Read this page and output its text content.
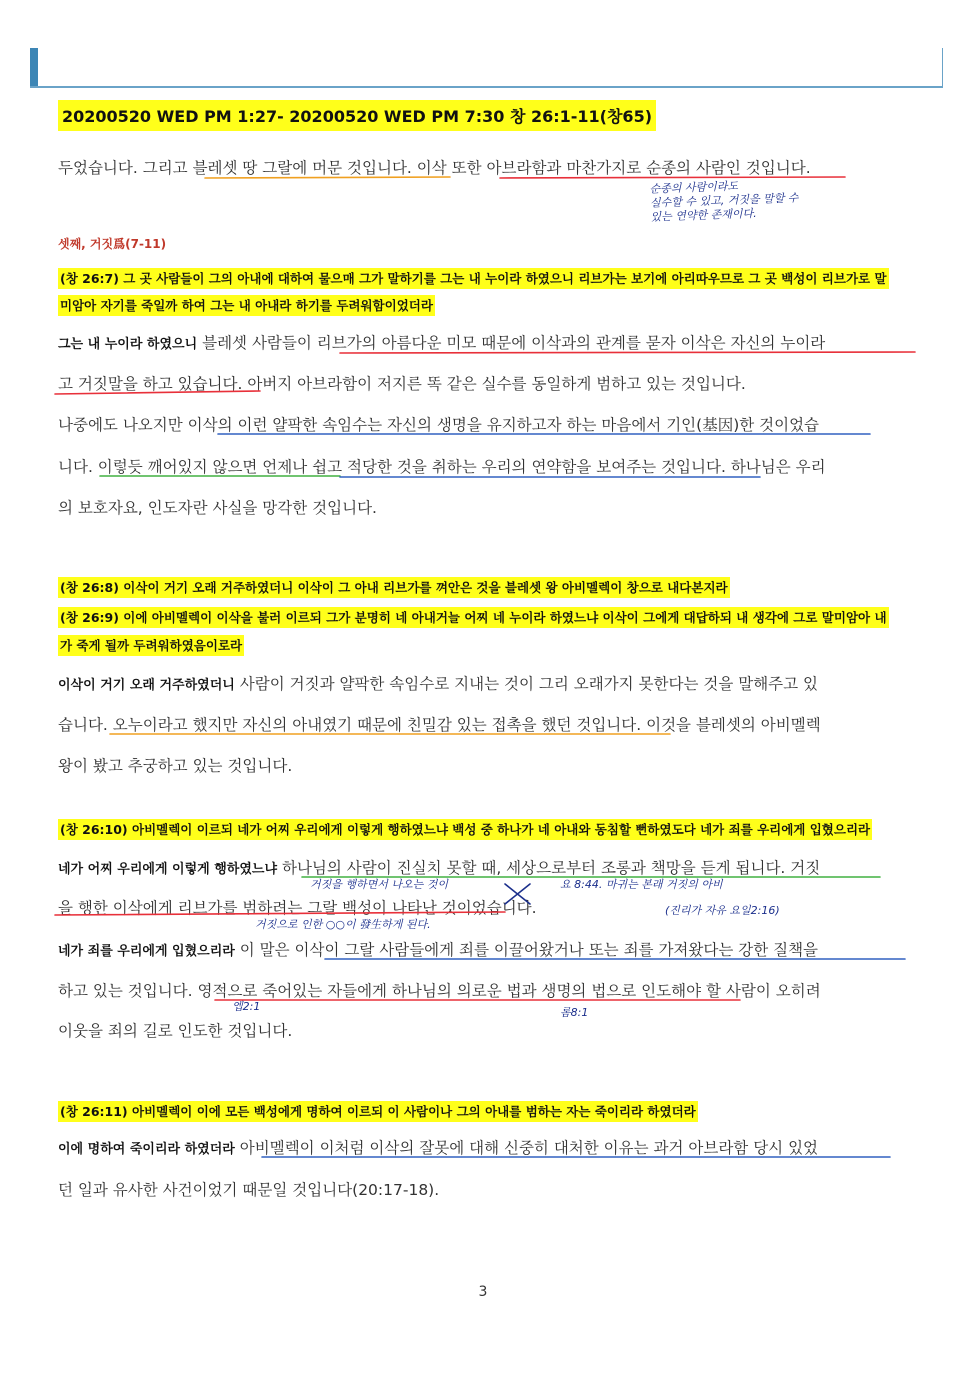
20200520 WED PM 1:27- 20200520 WED PM 7:30 창 26:1-11(창65)
두었습니다. 그리고 블레셋 땅 그랄에 머문 것입니다. 이삭 또한 아브라함과 마찬가지로 순종의 사람인 것입니다.
순종의 사람이라도
실수할 수 있고, 거짓을 말할 수
있는 연약한 존재이다.
셋째, 거짓爲(7-11)
(창 26:7) 그 곳 사람들이 그의 아내에 대하여 물으매 그가 말하기를 그는 내 누이라 하였으니 리브가는 보기에 아리따우므로 그 곳 백성이 리브가로 말
미암아 자기를 죽일까 하여 그는 내 아내라 하기를 두려워함이었더라
그는 내 누이라 하였으니 블레셋 사람들이 리브가의 아름다운 미모 때문에 이삭과의 관계를 묻자 이삭은 자신의 누이라
고 거짓말을 하고 있습니다. 아버지 아브라함이 저지른 똑 같은 실수를 동일하게 범하고 있는 것입니다.
나중에도 나오지만 이삭의 이런 얄팍한 속임수는 자신의 생명을 유지하고자 하는 마음에서 기인(基因)한 것이었습
니다. 이렇듯 깨어있지 않으면 언제나 쉽고 적당한 것을 취하는 우리의 연약함을 보여주는 것입니다. 하나님은 우리
의 보호자요, 인도자란 사실을 망각한 것입니다.
(창 26:8) 이삭이 거기 오래 거주하였더니 이삭이 그 아내 리브가를 껴안은 것을 블레셋 왕 아비멜렉이 창으로 내다본지라
(창 26:9) 이에 아비멜렉이 이삭을 불러 이르되 그가 분명히 네 아내거늘 어찌 네 누이라 하였느냐 이삭이 그에게 대답하되 내 생각에 그로 말미암아 내
가 죽게 될까 두려워하였음이로라
이삭이 거기 오래 거주하였더니 사람이 거짓과 얄팍한 속임수로 지내는 것이 그리 오래가지 못한다는 것을 말해주고 있
습니다. 오누이라고 했지만 자신의 아내였기 때문에 친밀감 있는 접촉을 했던 것입니다. 이것을 블레셋의 아비멜렉
왕이 봤고 추궁하고 있는 것입니다.
(창 26:10) 아비멜렉이 이르되 네가 어찌 우리에게 이렇게 행하였느냐 백성 중 하나가 네 아내와 동침할 뻔하였도다 네가 죄를 우리에게 입혔으리라
네가 어찌 우리에게 이렇게 행하였느냐 하나님의 사람이 진실치 못할 때, 세상으로부터 조롱과 책망을 듣게 됩니다. 거짓
거짓을 행하면서 나오는 것이	요 8:44. 마귀는 본래 거짓의 아비
을 행한 이삭에게 리브가를 범하려는 그랄 백성이 나타난 것이었습니다.	(진리가 자유 요일2:16)
거짓으로 인한 ○○이 發生하게 된다.
네가 죄를 우리에게 입혔으리라 이 말은 이삭이 그랄 사람들에게 죄를 이끌어왔거나 또는 죄를 가져왔다는 강한 질책을
하고 있는 것입니다. 영적으로 죽어있는 자들에게 하나님의 의로운 법과 생명의 법으로 인도해야 할 사람이 오히려
엡2:1	롬8:1
이웃을 죄의 길로 인도한 것입니다.
(창 26:11) 아비멜렉이 이에 모든 백성에게 명하여 이르되 이 사람이나 그의 아내를 범하는 자는 죽이리라 하였더라
이에 명하여 죽이리라 하였더라 아비멜렉이 이처럼 이삭의 잘못에 대해 신중히 대처한 이유는 과거 아브라함 당시 있었
던 일과 유사한 사건이었기 때문일 것입니다(20:17-18).
3
